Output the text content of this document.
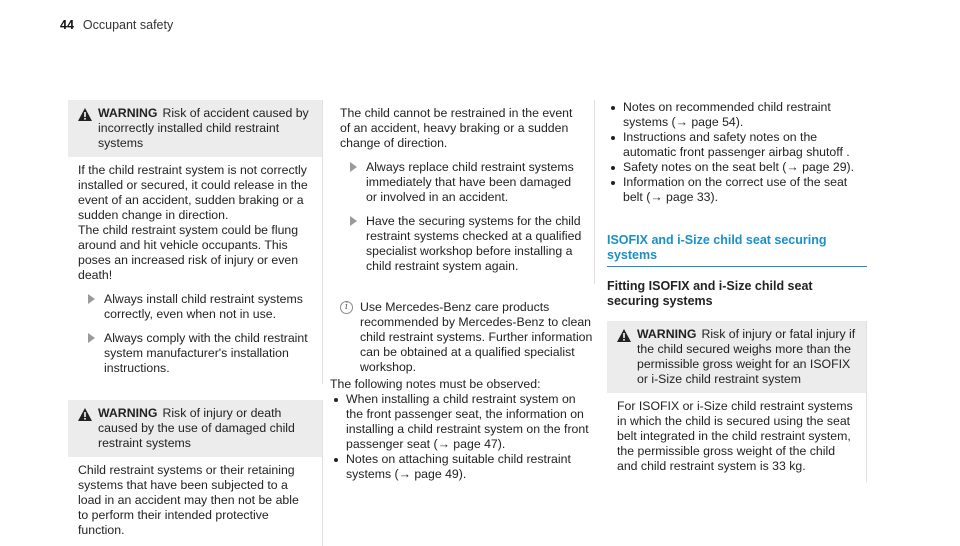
44 Occupant safety
WARNING Risk of accident caused by incorrectly installed child restraint systems

If the child restraint system is not correctly installed or secured, it could release in the event of an accident, sudden braking or a sudden change in direction.

The child restraint system could be flung around and hit vehicle occupants. This poses an increased risk of injury or even death!

Always install child restraint systems correctly, even when not in use.
Always comply with the child restraint system manufacturer's installation instructions.
WARNING Risk of injury or death caused by the use of damaged child restraint systems

Child restraint systems or their retaining systems that have been subjected to a load in an accident may then not be able to perform their intended protective function.

The child cannot be restrained in the event of an accident, heavy braking or a sudden change of direction.

Always replace child restraint systems immediately that have been damaged or involved in an accident.
Have the securing systems for the child restraint systems checked at a qualified specialist workshop before installing a child restraint system again.
i Use Mercedes-Benz care products recommended by Mercedes-Benz to clean child restraint systems. Further information can be obtained at a qualified specialist workshop.

The following notes must be observed:

When installing a child restraint system on the front passenger seat, the information on installing a child restraint system on the front passenger seat (→ page 47).
Notes on attaching suitable child restraint systems (→ page 49).
Notes on recommended child restraint systems (→ page 54).
Instructions and safety notes on the automatic front passenger airbag shutoff .
Safety notes on the seat belt (→ page 29).
Information on the correct use of the seat belt (→ page 33).
ISOFIX and i-Size child seat securing systems
Fitting ISOFIX and i-Size child seat securing systems
WARNING Risk of injury or fatal injury if the child secured weighs more than the permissible gross weight for an ISOFIX or i-Size child restraint system

For ISOFIX or i-Size child restraint systems in which the child is secured using the seat belt integrated in the child restraint system, the permissible gross weight of the child and child restraint system is 33 kg.
